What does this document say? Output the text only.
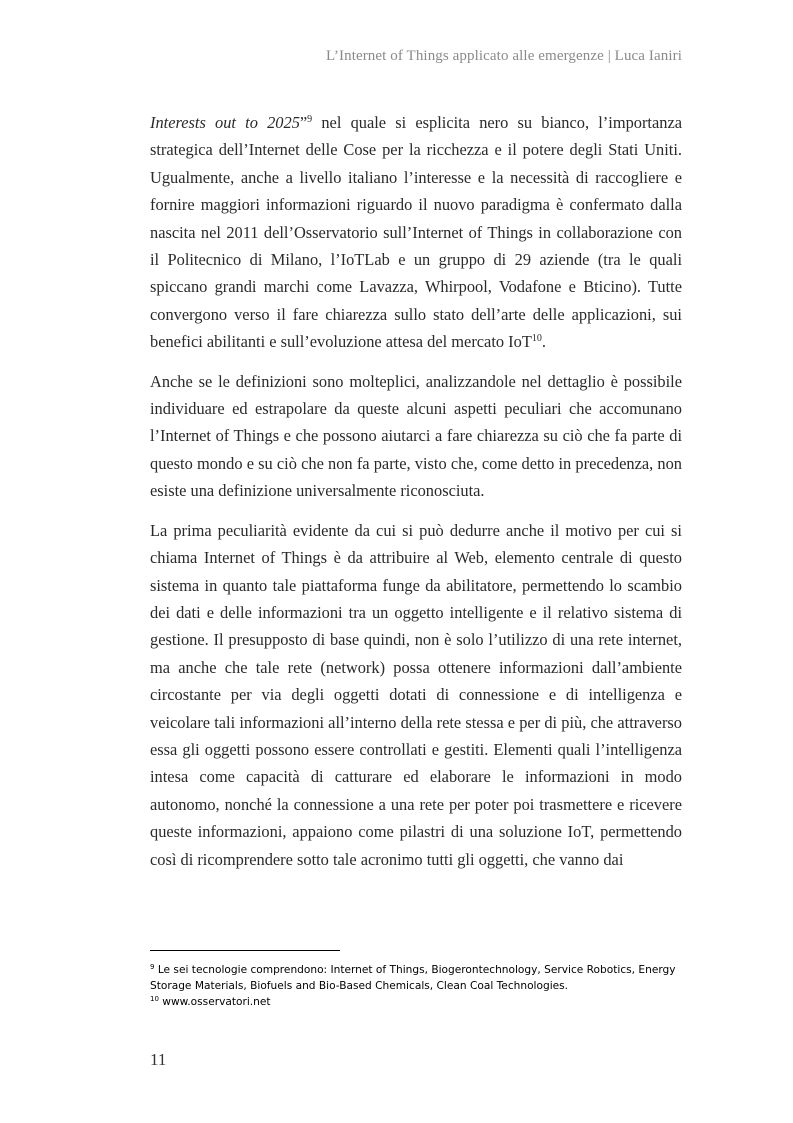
L’Internet of Things applicato alle emergenze | Luca Ianiri

Interests out to 2025”$^9$ nel quale si esplicita nero su bianco, l’importanza strategica dell’Internet delle Cose per la ricchezza e il potere degli Stati Uniti. Ugualmente, anche a livello italiano l’interesse e la necessità di raccogliere e fornire maggiori informazioni riguardo il nuovo paradigma è confermato dalla nascita nel 2011 dell’Osservatorio sull’Internet of Things in collaborazione con il Politecnico di Milano, l’IoTLab e un gruppo di 29 aziende (tra le quali spiccano grandi marchi come Lavazza, Whirpool, Vodafone e Bticino). Tutte convergono verso il fare chiarezza sullo stato dell’arte delle applicazioni, sui benefici abilitanti e sull’evoluzione attesa del mercato IoT$^{10}$.

Anche se le definizioni sono molteplici, analizzandole nel dettaglio è possibile individuare ed estrapolare da queste alcuni aspetti peculiari che accomunano l’Internet of Things e che possono aiutarci a fare chiarezza su ciò che fa parte di questo mondo e su ciò che non fa parte, visto che, come detto in precedenza, non esiste una definizione universalmente riconosciuta.

La prima peculiarità evidente da cui si può dedurre anche il motivo per cui si chiama Internet of Things è da attribuire al Web, elemento centrale di questo sistema in quanto tale piattaforma funge da abilitatore, permettendo lo scambio dei dati e delle informazioni tra un oggetto intelligente e il relativo sistema di gestione. Il presupposto di base quindi, non è solo l’utilizzo di una rete internet, ma anche che tale rete (network) possa ottenere informazioni dall’ambiente circostante per via degli oggetti dotati di connessione e di intelligenza e veicolare tali informazioni all’interno della rete stessa e per di più, che attraverso essa gli oggetti possono essere controllati e gestiti. Elementi quali l’intelligenza intesa come capacità di catturare ed elaborare le informazioni in modo autonomo, nonché la connessione a una rete per poter poi trasmettere e ricevere queste informazioni, appaiono come pilastri di una soluzione IoT, permettendo così di ricomprendere sotto tale acronimo tutti gli oggetti, che vanno dai

$^9$ Le sei tecnologie comprendono: Internet of Things, Biogerontechnology, Service Robotics, Energy Storage Materials, Biofuels and Bio-Based Chemicals, Clean Coal Technologies.
$^{10}$ www.osservatori.net
11
